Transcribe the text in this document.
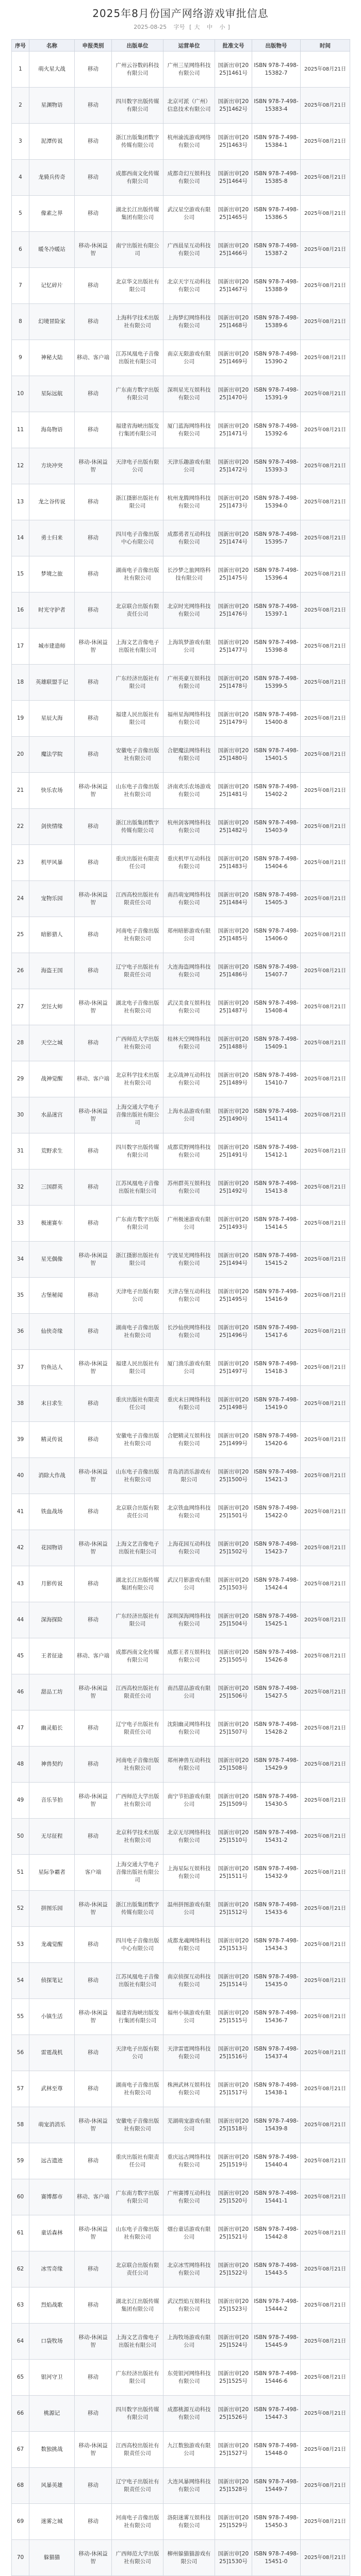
2025年8月份国产网络游戏审批信息
2025-08-25 字号 [ 大 中 小 ]
序号	名称	申报类别	出版单位	运营单位	批准文号	出版物号	时间
1	萌火星大战	移动	广州云谷数码科技有限公司	广州三星网络科技有限公司	国新出审[2025]1461号	ISBN 978-7-498-15382-7	2025年08月21日
2	星渊物语	移动	四川数字出版传媒有限公司	北京可派（广州）信息技术有限公司	国新出审[2025]1462号	ISBN 978-7-498-15383-4	2025年08月21日
3	泥潭传说	移动	浙江出版集团数字传媒有限公司	杭州渝流游戏网络有限公司	国新出审[2025]1463号	ISBN 978-7-498-15384-1	2025年08月21日
4	龙骑兵传奇	移动	成都西南文化传媒有限公司	成都奇幻互娱科技有限公司	国新出审[2025]1464号	ISBN 978-7-498-15385-8	2025年08月21日
5	像素之界	移动	湖北长江出版传媒集团有限公司	武汉星空游戏有限公司	国新出审[2025]1465号	ISBN 978-7-498-15386-5	2025年08月21日
6	暖冬冷暖站	移动-休闲益智	南宁出版社有限公司	广西晨星互动科技有限公司	国新出审[2025]1466号	ISBN 978-7-498-15387-2	2025年08月21日
7	记忆碎片	移动	北京华文出版社有限公司	北京天宇互动科技有限公司	国新出审[2025]1467号	ISBN 978-7-498-15388-9	2025年08月21日
8	幻境冒险家	移动	上海科学技术出版社有限公司	上海梦幻网络科技有限公司	国新出审[2025]1468号	ISBN 978-7-498-15389-6	2025年08月21日
9	神秘大陆	移动、客户端	江苏凤凰电子音像出版社有限公司	南京无限游戏有限公司	国新出审[2025]1469号	ISBN 978-7-498-15390-2	2025年08月21日
10	星际远航	移动	广东南方数字出版有限公司	深圳星光互娱科技有限公司	国新出审[2025]1470号	ISBN 978-7-498-15391-9	2025年08月21日
11	海岛物语	移动	福建省海峡出版发行集团有限公司	厦门蓝海网络科技有限公司	国新出审[2025]1471号	ISBN 978-7-498-15392-6	2025年08月21日
12	方块冲突	移动-休闲益智	天津电子出版有限公司	天津乐趣游戏有限公司	国新出审[2025]1472号	ISBN 978-7-498-15393-3	2025年08月21日
13	龙之谷传说	移动	浙江摄影出版社有限公司	杭州龙腾网络科技有限公司	国新出审[2025]1473号	ISBN 978-7-498-15394-0	2025年08月21日
14	勇士归来	移动	四川电子音像出版中心有限公司	成都勇者互动科技有限公司	国新出审[2025]1474号	ISBN 978-7-498-15395-7	2025年08月21日
15	梦境之旅	移动	湖南电子音像出版社有限公司	长沙梦之旅网络科技有限公司	国新出审[2025]1475号	ISBN 978-7-498-15396-4	2025年08月21日
16	时光守护者	移动	北京联合出版有限责任公司	北京时光网络科技有限公司	国新出审[2025]1476号	ISBN 978-7-498-15397-1	2025年08月21日
17	城市建造师	移动-休闲益智	上海文艺音像电子出版社有限公司	上海筑梦游戏有限公司	国新出审[2025]1477号	ISBN 978-7-498-15398-8	2025年08月21日
18	英雄联盟手记	移动	广东经济出版社有限公司	广州英豪互娱科技有限公司	国新出审[2025]1478号	ISBN 978-7-498-15399-5	2025年08月21日
19	星辰大海	移动	福建人民出版社有限公司	福州星海网络科技有限公司	国新出审[2025]1479号	ISBN 978-7-498-15400-8	2025年08月21日
20	魔法学院	移动	安徽电子音像出版社有限公司	合肥魔法网络科技有限公司	国新出审[2025]1480号	ISBN 978-7-498-15401-5	2025年08月21日
21	快乐农场	移动-休闲益智	山东电子音像出版社有限公司	济南欢乐农场游戏有限公司	国新出审[2025]1481号	ISBN 978-7-498-15402-2	2025年08月21日
22	剑侠情缘	移动	浙江出版集团数字传媒有限公司	杭州剑客网络科技有限公司	国新出审[2025]1482号	ISBN 978-7-498-15403-9	2025年08月21日
23	机甲风暴	移动	重庆出版社有限责任公司	重庆机甲互动科技有限公司	国新出审[2025]1483号	ISBN 978-7-498-15404-6	2025年08月21日
24	宠物乐园	移动-休闲益智	江西高校出版社有限责任公司	南昌萌宠网络科技有限公司	国新出审[2025]1484号	ISBN 978-7-498-15405-3	2025年08月21日
25	暗影猎人	移动	河南电子音像出版社有限公司	郑州暗影游戏有限公司	国新出审[2025]1485号	ISBN 978-7-498-15406-0	2025年08月21日
26	海盗王国	移动	辽宁电子出版社有限责任公司	大连海盗网络科技有限公司	国新出审[2025]1486号	ISBN 978-7-498-15407-7	2025年08月21日
27	烹饪大师	移动-休闲益智	湖北电子音像出版社有限公司	武汉美食互娱科技有限公司	国新出审[2025]1487号	ISBN 978-7-498-15408-4	2025年08月21日
28	天空之城	移动	广西师范大学出版社有限公司	桂林天空网络科技有限公司	国新出审[2025]1488号	ISBN 978-7-498-15409-1	2025年08月21日
29	战神觉醒	移动、客户端	北京科学技术出版社有限公司	北京战神互动科技有限公司	国新出审[2025]1489号	ISBN 978-7-498-15410-7	2025年08月21日
30	水晶迷宫	移动-休闲益智	上海交通大学电子音像出版社有限公司	上海水晶游戏有限公司	国新出审[2025]1490号	ISBN 978-7-498-15411-4	2025年08月21日
31	荒野求生	移动	四川数字出版传媒有限公司	成都荒野网络科技有限公司	国新出审[2025]1491号	ISBN 978-7-498-15412-1	2025年08月21日
32	三国群英	移动	江苏凤凰电子音像出版社有限公司	苏州群英互娱科技有限公司	国新出审[2025]1492号	ISBN 978-7-498-15413-8	2025年08月21日
33	极速赛车	移动	广东南方数字出版有限公司	广州极速游戏有限公司	国新出审[2025]1493号	ISBN 978-7-498-15414-5	2025年08月21日
34	星光偶像	移动-休闲益智	浙江摄影出版社有限公司	宁波星光网络科技有限公司	国新出审[2025]1494号	ISBN 978-7-498-15415-2	2025年08月21日
35	古堡秘闻	移动	天津电子出版有限公司	天津古堡互动科技有限公司	国新出审[2025]1495号	ISBN 978-7-498-15416-9	2025年08月21日
36	仙侠奇缘	移动	湖南电子音像出版社有限公司	长沙仙侠网络科技有限公司	国新出审[2025]1496号	ISBN 978-7-498-15417-6	2025年08月21日
37	钓鱼达人	移动-休闲益智	福建人民出版社有限公司	厦门渔乐游戏有限公司	国新出审[2025]1497号	ISBN 978-7-498-15418-3	2025年08月21日
38	末日求生	移动	重庆出版社有限责任公司	重庆末日网络科技有限公司	国新出审[2025]1498号	ISBN 978-7-498-15419-0	2025年08月21日
39	精灵传说	移动	安徽电子音像出版社有限公司	合肥精灵互娱科技有限公司	国新出审[2025]1499号	ISBN 978-7-498-15420-6	2025年08月21日
40	消除大作战	移动-休闲益智	山东电子音像出版社有限公司	青岛消消乐游戏有限公司	国新出审[2025]1500号	ISBN 978-7-498-15421-3	2025年08月21日
41	铁血战场	移动	北京联合出版有限责任公司	北京铁血网络科技有限公司	国新出审[2025]1501号	ISBN 978-7-498-15422-0	2025年08月21日
42	花园物语	移动-休闲益智	上海文艺音像电子出版社有限公司	上海花园互动科技有限公司	国新出审[2025]1502号	ISBN 978-7-498-15423-7	2025年08月21日
43	月影传说	移动	湖北长江出版传媒集团有限公司	武汉月影游戏有限公司	国新出审[2025]1503号	ISBN 978-7-498-15424-4	2025年08月21日
44	深海探险	移动	广东经济出版社有限公司	深圳深海网络科技有限公司	国新出审[2025]1504号	ISBN 978-7-498-15425-1	2025年08月21日
45	王者征途	移动、客户端	成都西南文化传媒有限公司	成都王者互娱科技有限公司	国新出审[2025]1505号	ISBN 978-7-498-15426-8	2025年08月21日
46	甜品工坊	移动-休闲益智	江西高校出版社有限责任公司	南昌甜品游戏有限公司	国新出审[2025]1506号	ISBN 978-7-498-15427-5	2025年08月21日
47	幽灵船长	移动	辽宁电子出版社有限责任公司	沈阳幽灵网络科技有限公司	国新出审[2025]1507号	ISBN 978-7-498-15428-2	2025年08月21日
48	神兽契约	移动	河南电子音像出版社有限公司	郑州神兽互动科技有限公司	国新出审[2025]1508号	ISBN 978-7-498-15429-9	2025年08月21日
49	音乐节拍	移动-休闲益智	广西师范大学出版社有限公司	南宁节拍游戏有限公司	国新出审[2025]1509号	ISBN 978-7-498-15430-5	2025年08月21日
50	无尽征程	移动	北京科学技术出版社有限公司	北京无尽网络科技有限公司	国新出审[2025]1510号	ISBN 978-7-498-15431-2	2025年08月21日
51	星际争霸者	客户端	上海交通大学电子音像出版社有限公司	上海星际互娱科技有限公司	国新出审[2025]1511号	ISBN 978-7-498-15432-9	2025年08月21日
52	拼图乐园	移动-休闲益智	浙江出版集团数字传媒有限公司	温州拼图游戏有限公司	国新出审[2025]1512号	ISBN 978-7-498-15433-6	2025年08月21日
53	龙魂觉醒	移动	四川电子音像出版中心有限公司	成都龙魂网络科技有限公司	国新出审[2025]1513号	ISBN 978-7-498-15434-3	2025年08月21日
54	侦探笔记	移动	江苏凤凰电子音像出版社有限公司	南京侦探互动科技有限公司	国新出审[2025]1514号	ISBN 978-7-498-15435-0	2025年08月21日
55	小镇生活	移动-休闲益智	福建省海峡出版发行集团有限公司	福州小镇游戏有限公司	国新出审[2025]1515号	ISBN 978-7-498-15436-7	2025年08月21日
56	雷霆战机	移动	天津电子出版有限公司	天津雷霆网络科技有限公司	国新出审[2025]1516号	ISBN 978-7-498-15437-4	2025年08月21日
57	武林至尊	移动	湖南电子音像出版社有限公司	株洲武林互娱科技有限公司	国新出审[2025]1517号	ISBN 978-7-498-15438-1	2025年08月21日
58	萌宠消消乐	移动-休闲益智	安徽电子音像出版社有限公司	芜湖萌宠游戏有限公司	国新出审[2025]1518号	ISBN 978-7-498-15439-8	2025年08月21日
59	远古遗迹	移动	重庆出版社有限责任公司	重庆远古网络科技有限公司	国新出审[2025]1519号	ISBN 978-7-498-15440-4	2025年08月21日
60	赛博都市	移动、客户端	广东南方数字出版有限公司	广州赛博互动科技有限公司	国新出审[2025]1520号	ISBN 978-7-498-15441-1	2025年08月21日
61	童话森林	移动-休闲益智	山东电子音像出版社有限公司	烟台童话游戏有限公司	国新出审[2025]1521号	ISBN 978-7-498-15442-8	2025年08月21日
62	冰雪奇缘	移动	北京联合出版有限责任公司	北京冰雪网络科技有限公司	国新出审[2025]1522号	ISBN 978-7-498-15443-5	2025年08月21日
63	烈焰战歌	移动	湖北长江出版传媒集团有限公司	武汉烈焰互娱科技有限公司	国新出审[2025]1523号	ISBN 978-7-498-15444-2	2025年08月21日
64	口袋牧场	移动-休闲益智	上海文艺音像电子出版社有限公司	上海牧场游戏有限公司	国新出审[2025]1524号	ISBN 978-7-498-15445-9	2025年08月21日
65	银河守卫	移动	广东经济出版社有限公司	东莞银河网络科技有限公司	国新出审[2025]1525号	ISBN 978-7-498-15446-6	2025年08月21日
66	桃源记	移动	四川数字出版传媒有限公司	成都桃源互动科技有限公司	国新出审[2025]1526号	ISBN 978-7-498-15447-3	2025年08月21日
67	数独挑战	移动-休闲益智	江西高校出版社有限责任公司	九江数独游戏有限公司	国新出审[2025]1527号	ISBN 978-7-498-15448-0	2025年08月21日
68	风暴英雄	移动	辽宁电子出版社有限责任公司	大连风暴网络科技有限公司	国新出审[2025]1528号	ISBN 978-7-498-15449-7	2025年08月21日
69	迷雾之城	移动	河南电子音像出版社有限公司	洛阳迷雾互娱科技有限公司	国新出审[2025]1529号	ISBN 978-7-498-15450-3	2025年08月21日
70	躲猫猫	移动-休闲益智	广西师范大学出版社有限公司	柳州躲猫猫游戏有限公司	国新出审[2025]1530号	ISBN 978-7-498-15451-0	2025年08月21日
